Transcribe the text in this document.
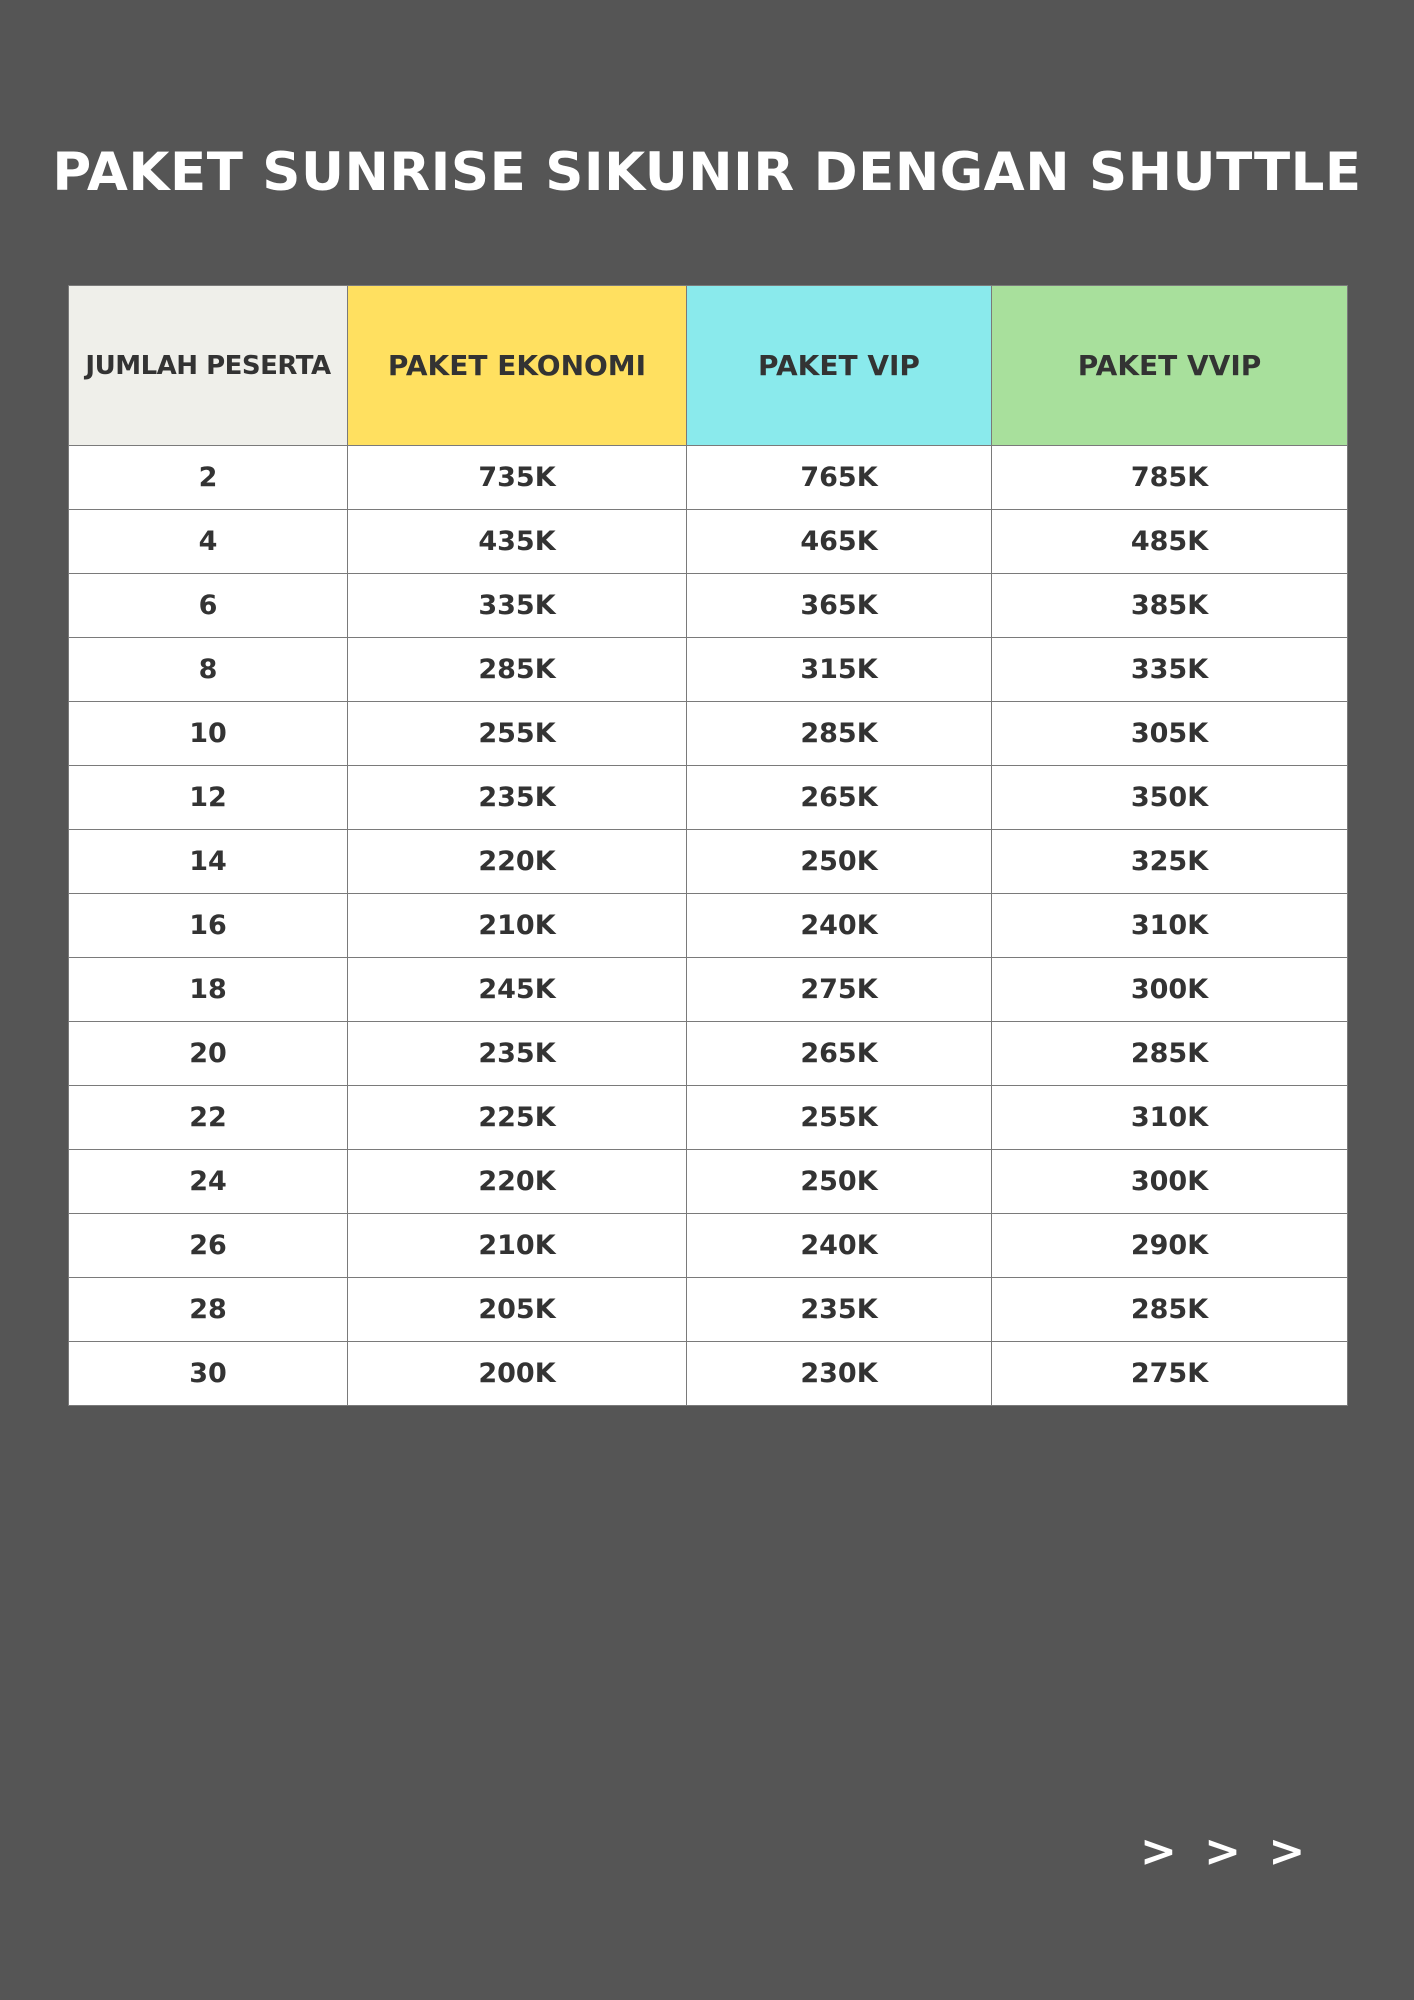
PAKET SUNRISE SIKUNIR DENGAN SHUTTLE
JUMLAH PESERTA	PAKET EKONOMI	PAKET VIP	PAKET VVIP
2	735K	765K	785K
4	435K	465K	485K
6	335K	365K	385K
8	285K	315K	335K
10	255K	285K	305K
12	235K	265K	350K
14	220K	250K	325K
16	210K	240K	310K
18	245K	275K	300K
20	235K	265K	285K
22	225K	255K	310K
24	220K	250K	300K
26	210K	240K	290K
28	205K	235K	285K
30	200K	230K	275K
> > >
